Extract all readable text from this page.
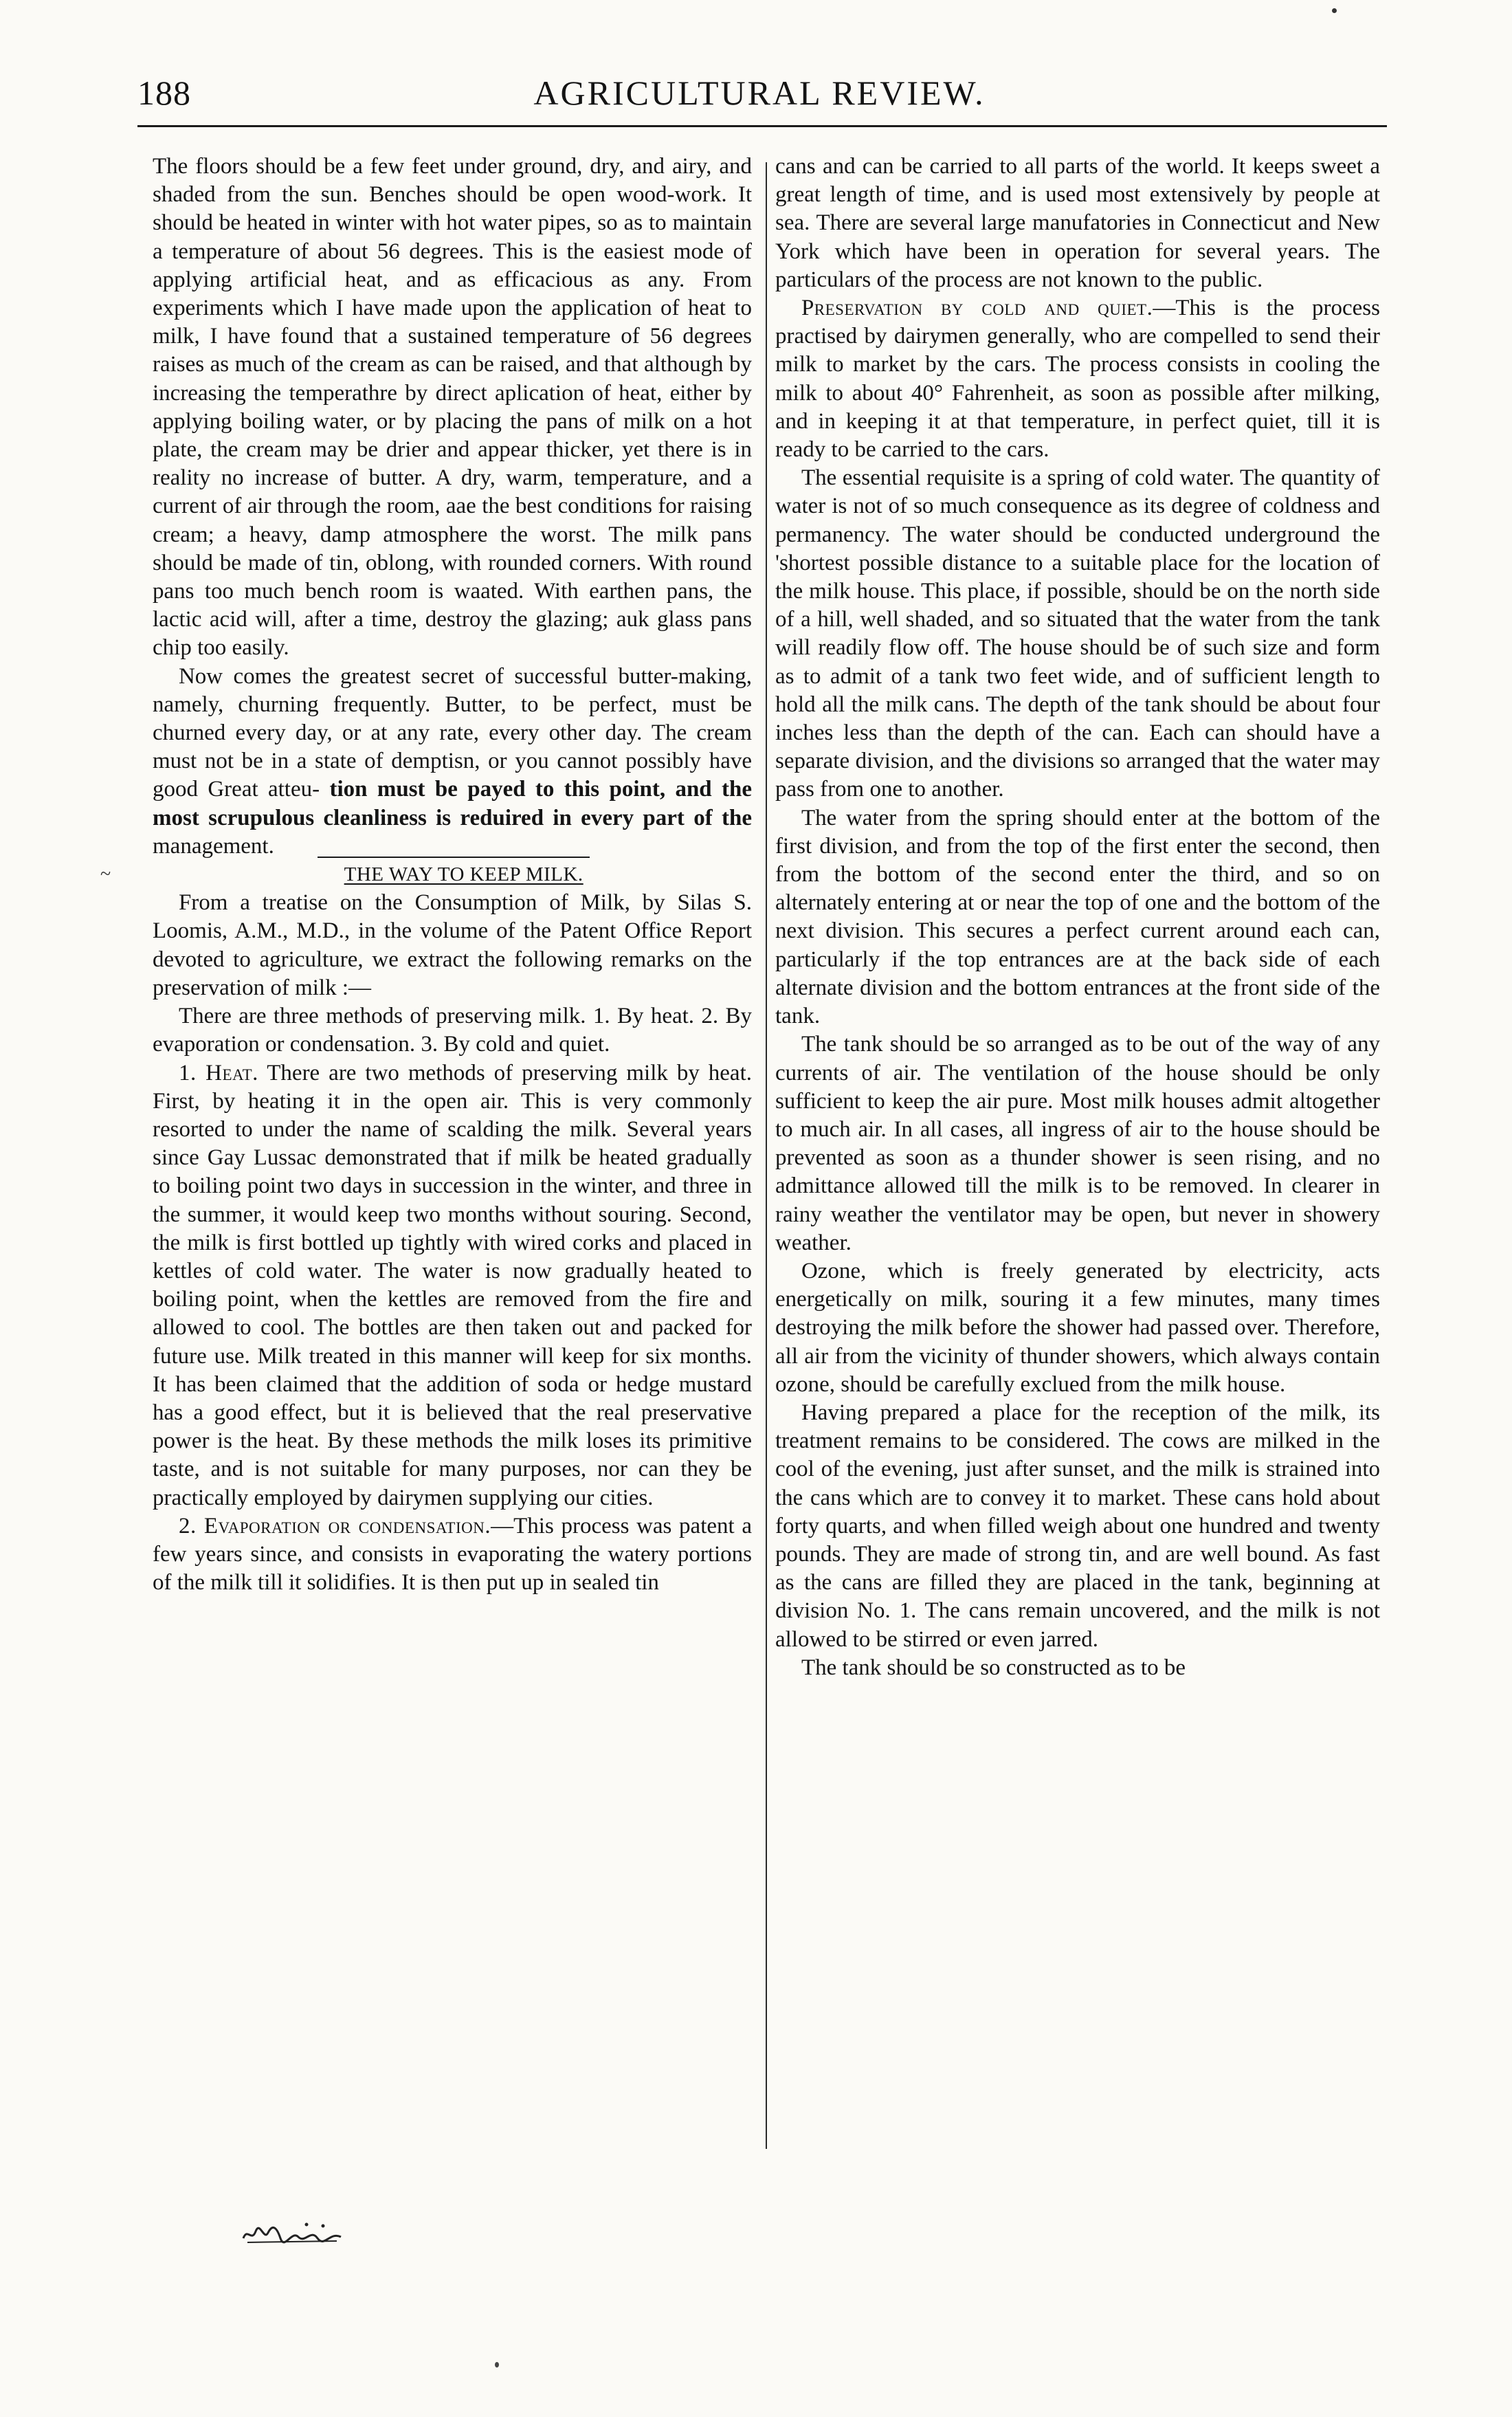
188	AGRICULTURAL REVIEW.
~

The floors should be a few feet under ground, dry, and airy, and shaded from the sun. Benches should be open wood-work. It should be heated in winter with hot water pipes, so as to maintain a temperature of about 56 degrees. This is the easiest mode of applying artificial heat, and as efficacious as any. From experiments which I have made upon the application of heat to milk, I have found that a sustained temperature of 56 degrees raises as much of the cream as can be raised, and that although by increasing the temperathre by direct aplication of heat, either by applying boiling water, or by placing the pans of milk on a hot plate, the cream may be drier and appear thicker, yet there is in reality no increase of butter. A dry, warm, temperature, and a current of air through the room, aae the best conditions for raising cream; a heavy, damp atmosphere the worst. The milk pans should be made of tin, oblong, with rounded corners. With round pans too much bench room is waated. With earthen pans, the lactic acid will, after a time, destroy the glazing; auk glass pans chip too easily.

Now comes the greatest secret of successful butter-making, namely, churning frequently. Butter, to be perfect, must be churned every day, or at any rate, every other day. The cream must not be in a state of demptisn, or you cannot possibly have good Great atteu- tion must be payed to this point, and the most scrupulous cleanliness is reduired in every part of the management.

THE WAY TO KEEP MILK.

From a treatise on the Consumption of Milk, by Silas S. Loomis, A.M., M.D., in the volume of the Patent Office Report devoted to agriculture, we extract the following remarks on the preservation of milk :—

There are three methods of preserving milk. 1. By heat. 2. By evaporation or condensation. 3. By cold and quiet.

1. Heat. There are two methods of preserving milk by heat. First, by heating it in the open air. This is very commonly resorted to under the name of scalding the milk. Several years since Gay Lussac demonstrated that if milk be heated gradually to boiling point two days in succession in the winter, and three in the summer, it would keep two months without souring. Second, the milk is first bottled up tightly with wired corks and placed in kettles of cold water. The water is now gradually heated to boiling point, when the kettles are removed from the fire and allowed to cool. The bottles are then taken out and packed for future use. Milk treated in this manner will keep for six months. It has been claimed that the addition of soda or hedge mustard has a good effect, but it is believed that the real preservative power is the heat. By these methods the milk loses its primitive taste, and is not suitable for many purposes, nor can they be practically employed by dairymen supplying our cities.

2. Evaporation or condensation.—This process was patent a few years since, and consists in evaporating the watery portions of the milk till it solidifies. It is then put up in sealed tin

cans and can be carried to all parts of the world. It keeps sweet a great length of time, and is used most extensively by people at sea. There are several large manufatories in Connecticut and New York which have been in operation for several years. The particulars of the process are not known to the public.

Preservation by cold and quiet.—This is the process practised by dairymen generally, who are compelled to send their milk to market by the cars. The process consists in cooling the milk to about 40° Fahrenheit, as soon as possible after milking, and in keeping it at that temperature, in perfect quiet, till it is ready to be carried to the cars.

The essential requisite is a spring of cold water. The quantity of water is not of so much consequence as its degree of coldness and permanency. The water should be conducted underground the 'shortest possible distance to a suitable place for the location of the milk house. This place, if possible, should be on the north side of a hill, well shaded, and so situated that the water from the tank will readily flow off. The house should be of such size and form as to admit of a tank two feet wide, and of sufficient length to hold all the milk cans. The depth of the tank should be about four inches less than the depth of the can. Each can should have a separate division, and the divisions so arranged that the water may pass from one to another.

The water from the spring should enter at the bottom of the first division, and from the top of the first enter the second, then from the bottom of the second enter the third, and so on alternately entering at or near the top of one and the bottom of the next division. This secures a perfect current around each can, particularly if the top entrances are at the back side of each alternate division and the bottom entrances at the front side of the tank.

The tank should be so arranged as to be out of the way of any currents of air. The ventilation of the house should be only sufficient to keep the air pure. Most milk houses admit altogether to much air. In all cases, all ingress of air to the house should be prevented as soon as a thunder shower is seen rising, and no admittance allowed till the milk is to be removed. In clearer in rainy weather the ventilator may be open, but never in showery weather.

Ozone, which is freely generated by electricity, acts energetically on milk, souring it a few minutes, many times destroying the milk before the shower had passed over. Therefore, all air from the vicinity of thunder showers, which always contain ozone, should be carefully exclued from the milk house.

Having prepared a place for the reception of the milk, its treatment remains to be considered. The cows are milked in the cool of the evening, just after sunset, and the milk is strained into the cans which are to convey it to market. These cans hold about forty quarts, and when filled weigh about one hundred and twenty pounds. They are made of strong tin, and are well bound. As fast as the cans are filled they are placed in the tank, beginning at division No. 1. The cans remain uncovered, and the milk is not allowed to be stirred or even jarred.

The tank should be so constructed as to be
